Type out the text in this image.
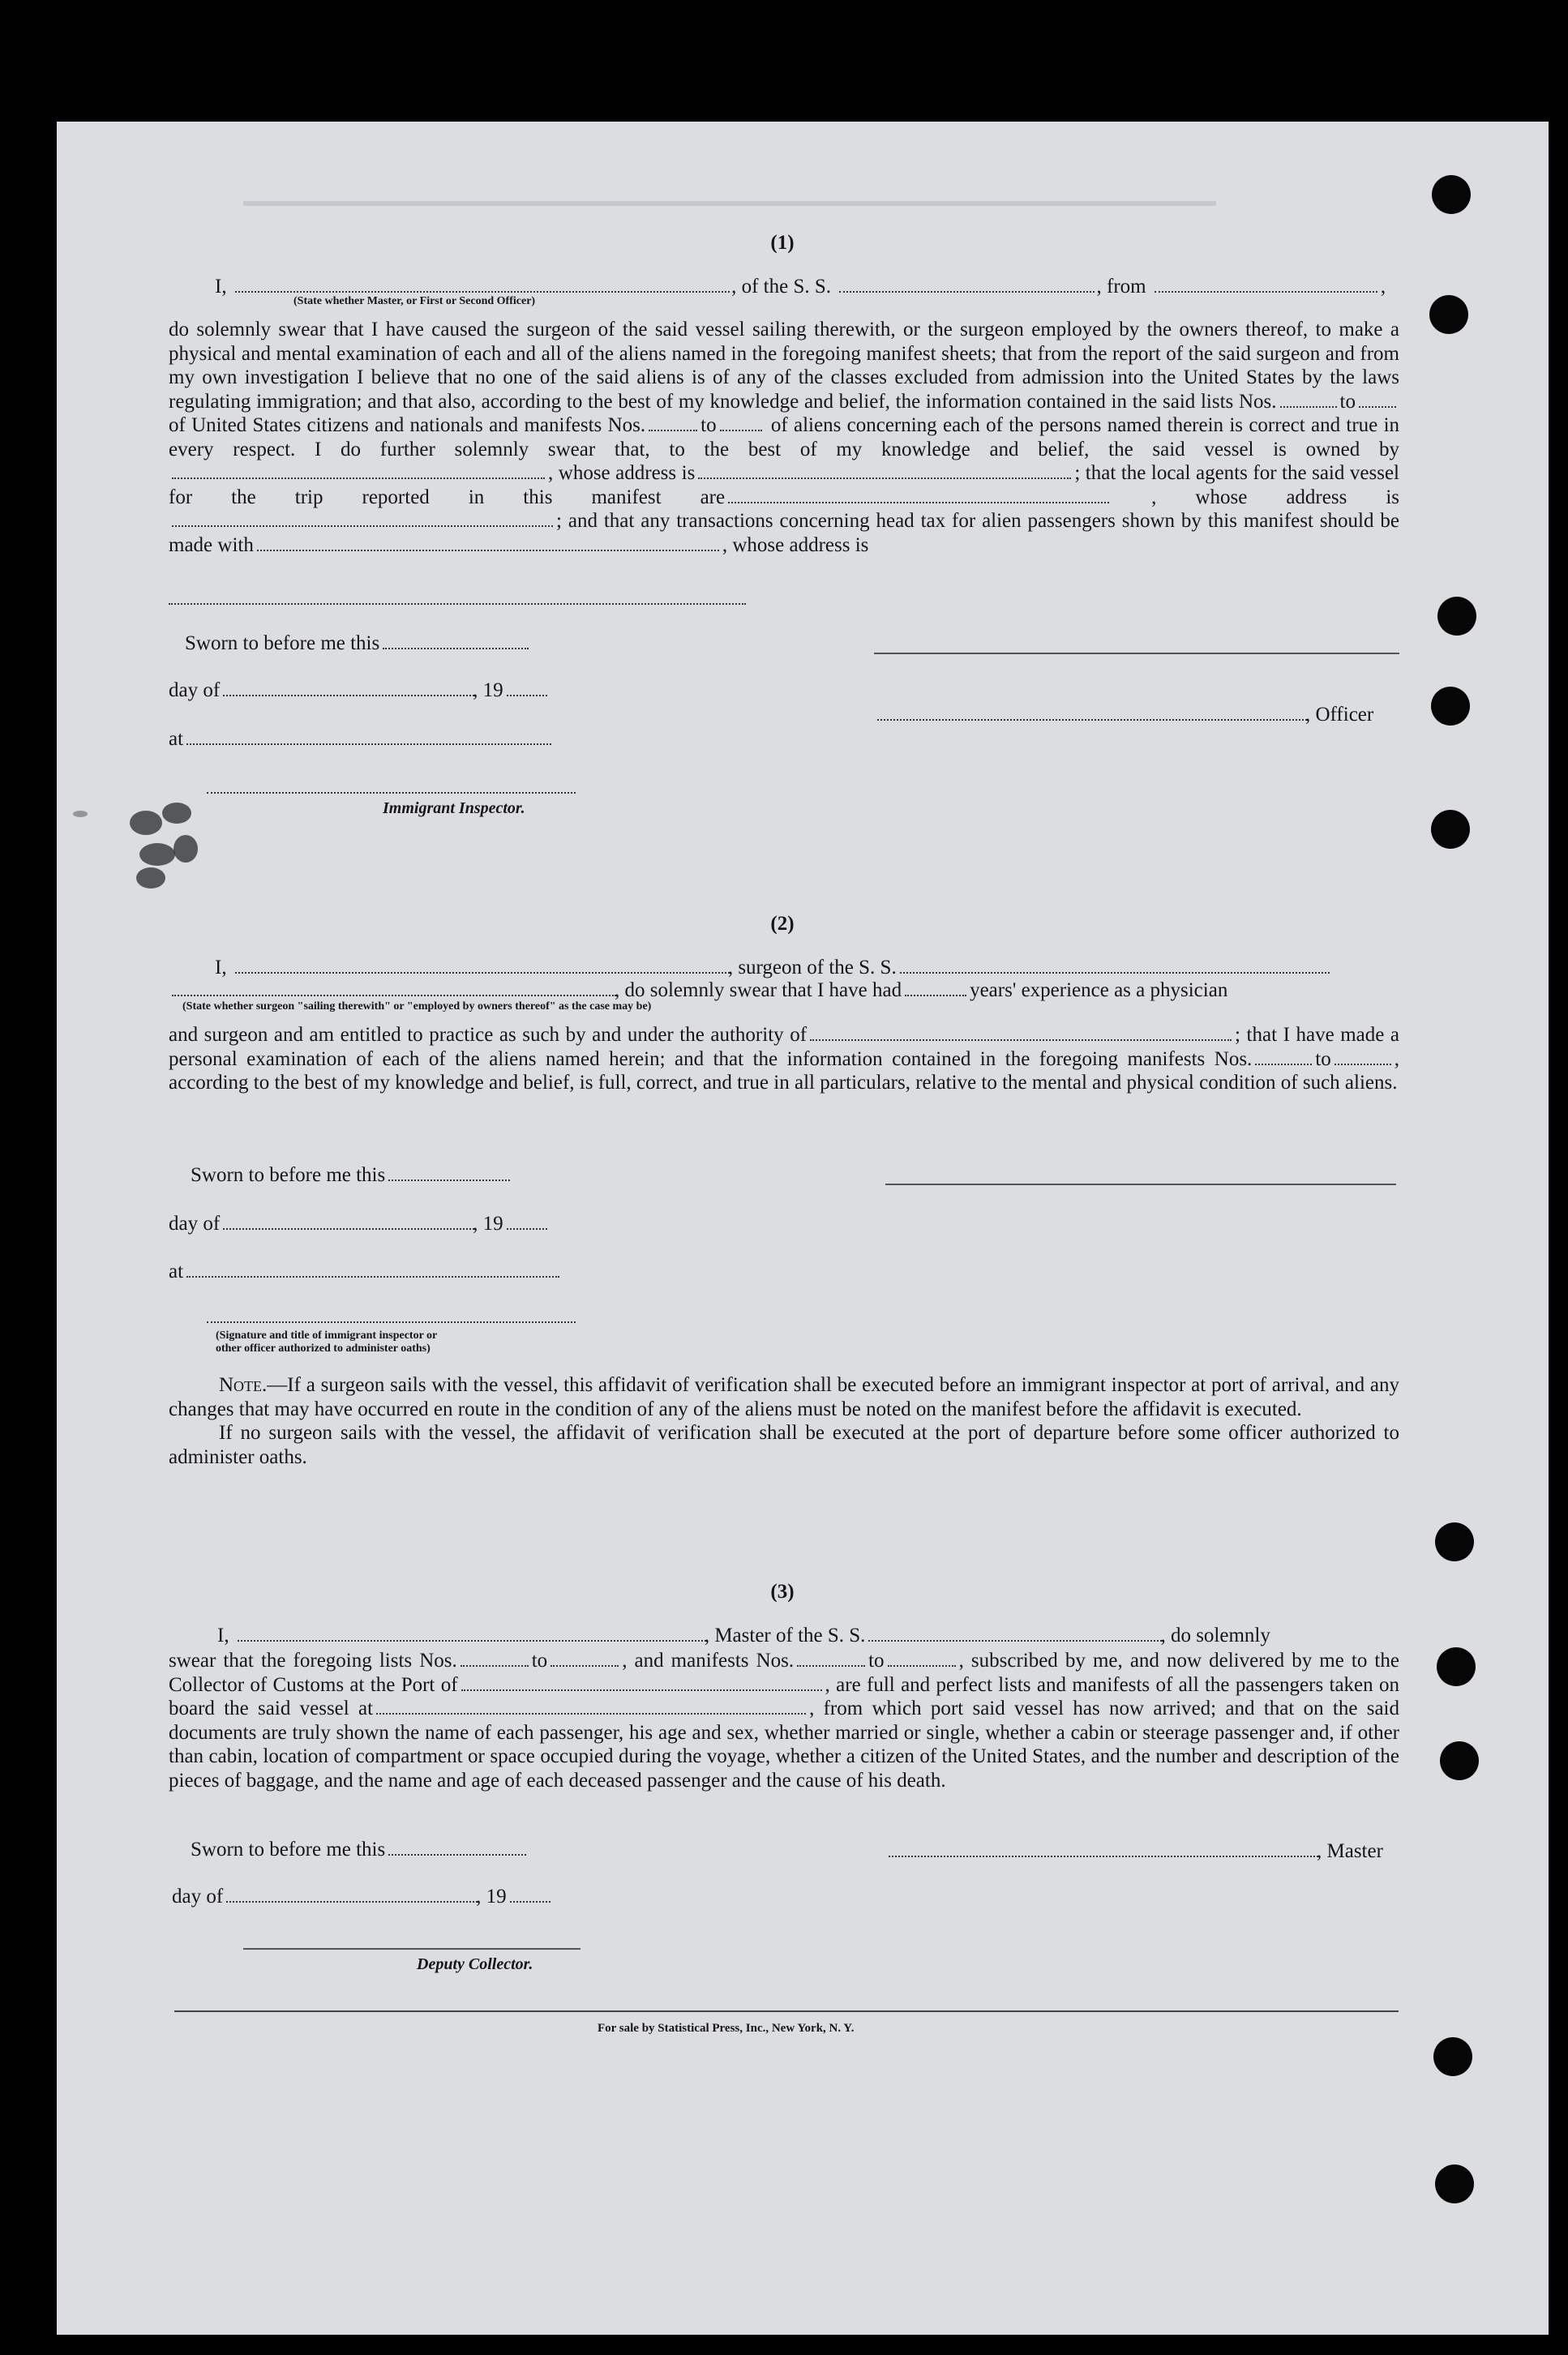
(1)
I,	, of the S. S.	, from	,
(State whether Master, or First or Second Officer)

do solemnly swear that I have caused the surgeon of the said vessel sailing therewith, or the surgeon employed by the owners thereof, to make a physical and mental examination of each and all of the aliens named in the foregoing manifest sheets; that from the report of the said surgeon and from my own investigation I believe that no one of the said aliens is of any of the classes excluded from admission into the United States by the laws regulating immigration; and that also, according to the best of my knowledge and belief, the information contained in the said lists Nos.	to of United States citizens and nationals and manifests Nos.	to	of aliens concerning each of the persons named therein is correct and true in every respect. I do further solemnly swear that, to the best of my knowledge and belief, the said vessel is owned by, whose address is	; that the local agents for the said vessel for the trip reported in this manifest are	, whose address is; and that any transactions concerning head tax for alien passengers shown by this manifest should be made with	, whose address is

Sworn to before me this
day of	, 19
, Officer
at
Immigrant Inspector.
(2)
I,	, surgeon of the S. S.
, do solemnly swear that I have had	years' experience as a physician
(State whether surgeon "sailing therewith" or "employed by owners thereof" as the case may be)

and surgeon and am entitled to practice as such by and under the authority of	; that I have made a personal examination of each of the aliens named herein; and that the information contained in the foregoing manifests Nos.	to	, according to the best of my knowledge and belief, is full, correct, and true in all particulars, relative to the mental and physical condition of such aliens.

Sworn to before me this
day of	, 19
at
(Signature and title of immigrant inspector or
other officer authorized to administer oaths)

Note.—If a surgeon sails with the vessel, this affidavit of verification shall be executed before an immigrant inspector at port of arrival, and any changes that may have occurred en route in the condition of any of the aliens must be noted on the manifest before the affidavit is executed.

If no surgeon sails with the vessel, the affidavit of verification shall be executed at the port of departure before some officer authorized to administer oaths.

(3)
I,	, Master of the S. S.	, do solemnly

swear that the foregoing lists Nos.	to	, and manifests Nos.	to	, subscribed by me, and now delivered by me to the Collector of Customs at the Port of	, are full and perfect lists and manifests of all the passengers taken on board the said vessel at	, from which port said vessel has now arrived; and that on the said documents are truly shown the name of each passenger, his age and sex, whether married or single, whether a cabin or steerage passenger and, if other than cabin, location of compartment or space occupied during the voyage, whether a citizen of the United States, and the number and description of the pieces of baggage, and the name and age of each deceased passenger and the cause of his death.

Sworn to before me this	, Master
day of	, 19
Deputy Collector.
For sale by Statistical Press, Inc., New York, N. Y.
